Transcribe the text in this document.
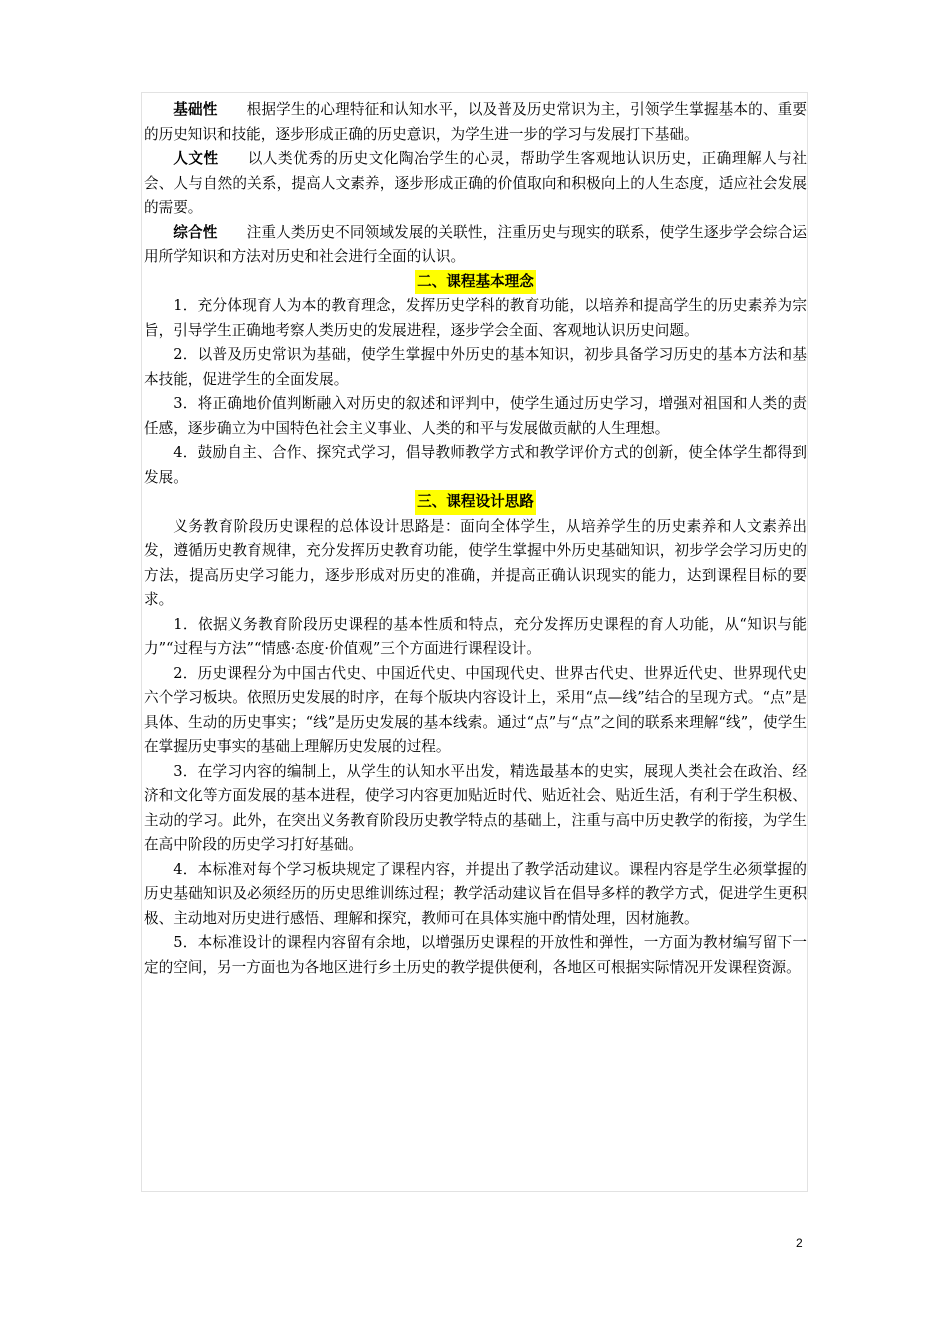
基础性 根据学生的心理特征和认知水平，以及普及历史常识为主，引领学生掌握基本的、重要的历史知识和技能，逐步形成正确的历史意识，为学生进一步的学习与发展打下基础。

人文性 以人类优秀的历史文化陶冶学生的心灵，帮助学生客观地认识历史，正确理解人与社会、人与自然的关系，提高人文素养，逐步形成正确的价值取向和积极向上的人生态度，适应社会发展的需要。

综合性 注重人类历史不同领域发展的关联性，注重历史与现实的联系，使学生逐步学会综合运用所学知识和方法对历史和社会进行全面的认识。

二、课程基本理念

1．充分体现育人为本的教育理念，发挥历史学科的教育功能，以培养和提高学生的历史素养为宗旨，引导学生正确地考察人类历史的发展进程，逐步学会全面、客观地认识历史问题。

2．以普及历史常识为基础，使学生掌握中外历史的基本知识，初步具备学习历史的基本方法和基本技能，促进学生的全面发展。

3．将正确地价值判断融入对历史的叙述和评判中，使学生通过历史学习，增强对祖国和人类的责任感，逐步确立为中国特色社会主义事业、人类的和平与发展做贡献的人生理想。

4．鼓励自主、合作、探究式学习，倡导教师教学方式和教学评价方式的创新，使全体学生都得到发展。

三、课程设计思路

义务教育阶段历史课程的总体设计思路是：面向全体学生，从培养学生的历史素养和人文素养出发，遵循历史教育规律，充分发挥历史教育功能，使学生掌握中外历史基础知识，初步学会学习历史的方法，提高历史学习能力，逐步形成对历史的准确，并提高正确认识现实的能力，达到课程目标的要求。

1．依据义务教育阶段历史课程的基本性质和特点，充分发挥历史课程的育人功能，从“知识与能力”“过程与方法”“情感·态度·价值观”三个方面进行课程设计。

2．历史课程分为中国古代史、中国近代史、中国现代史、世界古代史、世界近代史、世界现代史六个学习板块。依照历史发展的时序，在每个版块内容设计上，采用“点—线”结合的呈现方式。“点”是具体、生动的历史事实；“线”是历史发展的基本线索。通过“点”与“点”之间的联系来理解“线”，使学生在掌握历史事实的基础上理解历史发展的过程。

3．在学习内容的编制上，从学生的认知水平出发，精选最基本的史实，展现人类社会在政治、经济和文化等方面发展的基本进程，使学习内容更加贴近时代、贴近社会、贴近生活，有利于学生积极、主动的学习。此外，在突出义务教育阶段历史教学特点的基础上，注重与高中历史教学的衔接，为学生在高中阶段的历史学习打好基础。

4．本标准对每个学习板块规定了课程内容，并提出了教学活动建议。课程内容是学生必须掌握的历史基础知识及必须经历的历史思维训练过程；教学活动建议旨在倡导多样的教学方式，促进学生更积极、主动地对历史进行感悟、理解和探究，教师可在具体实施中酌情处理，因材施教。

5．本标准设计的课程内容留有余地，以增强历史课程的开放性和弹性，一方面为教材编写留下一定的空间，另一方面也为各地区进行乡土历史的教学提供便利，各地区可根据实际情况开发课程资源。

2
